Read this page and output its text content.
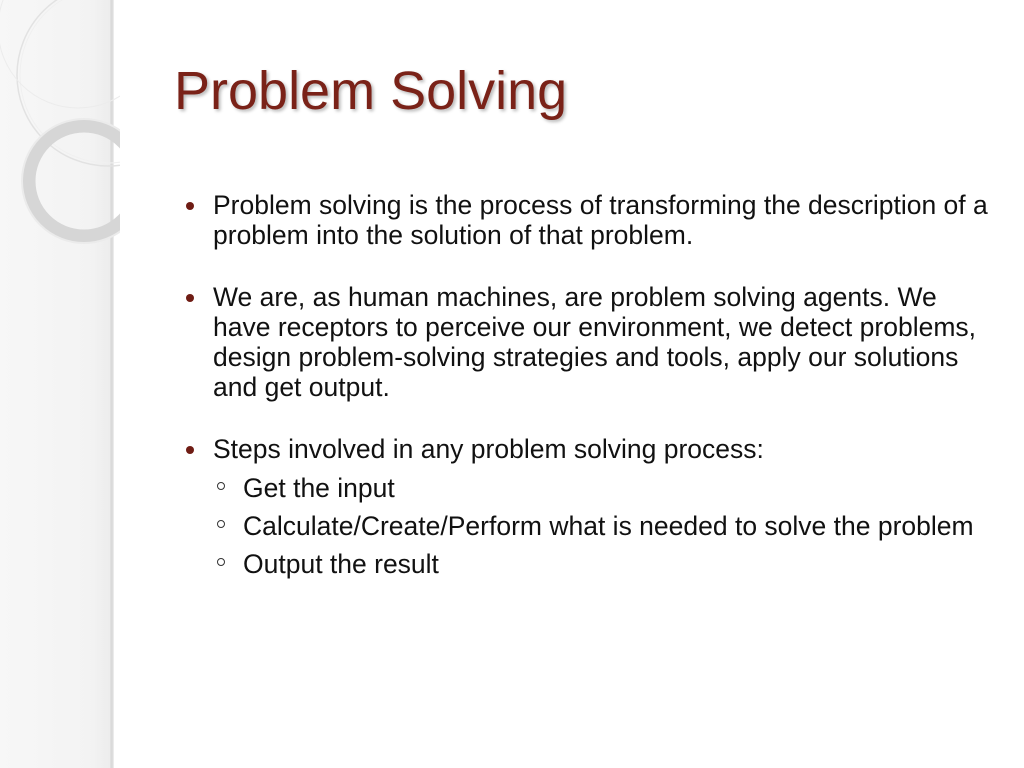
Problem Solving
Problem solving is the process of transforming the description of a problem into the solution of that problem.
We are, as human machines, are problem solving agents. We have receptors to perceive our environment, we detect problems, design problem-solving strategies and tools, apply our solutions and get output.
Steps involved in any problem solving process:
Get the input
Calculate/Create/Perform what is needed to solve the problem
Output the result
